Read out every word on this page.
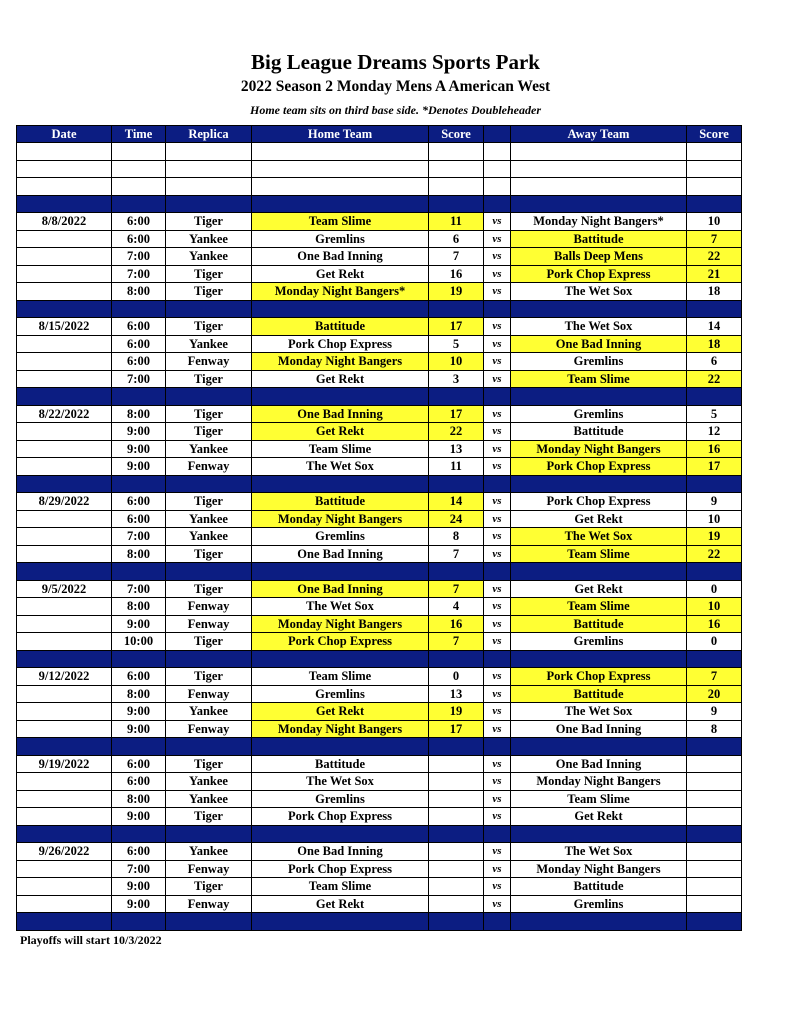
Big League Dreams Sports Park
2022 Season 2 Monday Mens A American West

Home team sits on third base side. *Denotes Doubleheader

Date	Time	Replica	Home Team	Score		Away Team	Score

8/8/2022	6:00	Tiger	Team Slime	11	vs	Monday Night Bangers*	10
	6:00	Yankee	Gremlins	6	vs	Battitude	7
	7:00	Yankee	One Bad Inning	7	vs	Balls Deep Mens	22
	7:00	Tiger	Get Rekt	16	vs	Pork Chop Express	21
	8:00	Tiger	Monday Night Bangers*	19	vs	The Wet Sox	18

8/15/2022	6:00	Tiger	Battitude	17	vs	The Wet Sox	14
	6:00	Yankee	Pork Chop Express	5	vs	One Bad Inning	18
	6:00	Fenway	Monday Night Bangers	10	vs	Gremlins	6
	7:00	Tiger	Get Rekt	3	vs	Team Slime	22

8/22/2022	8:00	Tiger	One Bad Inning	17	vs	Gremlins	5
	9:00	Tiger	Get Rekt	22	vs	Battitude	12
	9:00	Yankee	Team Slime	13	vs	Monday Night Bangers	16
	9:00	Fenway	The Wet Sox	11	vs	Pork Chop Express	17

8/29/2022	6:00	Tiger	Battitude	14	vs	Pork Chop Express	9
	6:00	Yankee	Monday Night Bangers	24	vs	Get Rekt	10
	7:00	Yankee	Gremlins	8	vs	The Wet Sox	19
	8:00	Tiger	One Bad Inning	7	vs	Team Slime	22

9/5/2022	7:00	Tiger	One Bad Inning	7	vs	Get Rekt	0
	8:00	Fenway	The Wet Sox	4	vs	Team Slime	10
	9:00	Fenway	Monday Night Bangers	16	vs	Battitude	16
	10:00	Tiger	Pork Chop Express	7	vs	Gremlins	0

9/12/2022	6:00	Tiger	Team Slime	0	vs	Pork Chop Express	7
	8:00	Fenway	Gremlins	13	vs	Battitude	20
	9:00	Yankee	Get Rekt	19	vs	The Wet Sox	9
	9:00	Fenway	Monday Night Bangers	17	vs	One Bad Inning	8

9/19/2022	6:00	Tiger	Battitude		vs	One Bad Inning	
	6:00	Yankee	The Wet Sox		vs	Monday Night Bangers	
	8:00	Yankee	Gremlins		vs	Team Slime	
	9:00	Tiger	Pork Chop Express		vs	Get Rekt	

9/26/2022	6:00	Yankee	One Bad Inning		vs	The Wet Sox	
	7:00	Fenway	Pork Chop Express		vs	Monday Night Bangers	
	9:00	Tiger	Team Slime		vs	Battitude	
	9:00	Fenway	Get Rekt		vs	Gremlins	

Playoffs will start 10/3/2022
